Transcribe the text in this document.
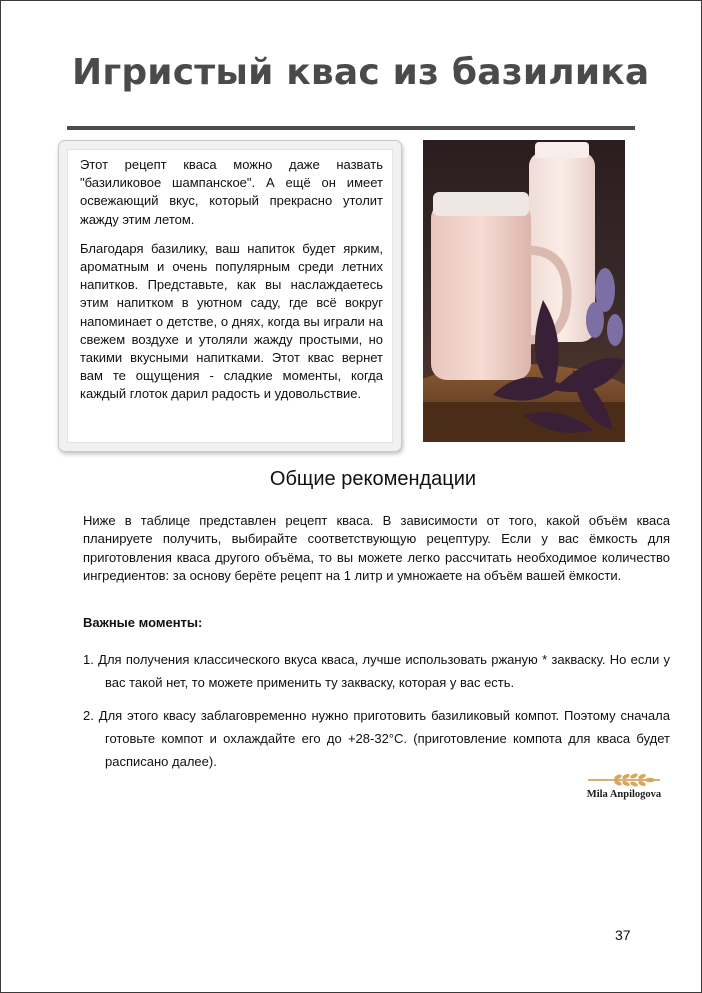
Игристый квас из базилика

Этот рецепт кваса можно даже назвать "базиликовое шампанское". А ещё он имеет освежающий вкус, который прекрасно утолит жажду этим летом.

Благодаря базилику, ваш напиток будет ярким, ароматным и очень популярным среди летних напитков. Представьте, как вы наслаждаетесь этим напитком в уютном саду, где всё вокруг напоминает о детстве, о днях, когда вы играли на свежем воздухе и утоляли жажду простыми, но такими вкусными напитками. Этот квас вернет вам те ощущения - сладкие моменты, когда каждый глоток дарил радость и удовольствие.

Общие рекомендации

Ниже в таблице представлен рецепт кваса. В зависимости от того, какой объём кваса планируете получить, выбирайте соответствующую рецептуру. Если у вас ёмкость для приготовления кваса другого объёма, то вы можете легко рассчитать необходимое количество ингредиентов: за основу берёте рецепт на 1 литр и умножаете на объём вашей ёмкости.

Важные моменты:
1. Для получения классического вкуса кваса, лучше использовать ржаную * закваску. Но если у вас такой нет, то можете применить ту закваску, которая у вас есть.
2. Для этого квасу заблаговременно нужно приготовить базиликовый компот. Поэтому сначала готовьте компот и охлаждайте его до +28-32°С. (приготовление компота для кваса будет расписано далее).
Mila Anpilogova
37
